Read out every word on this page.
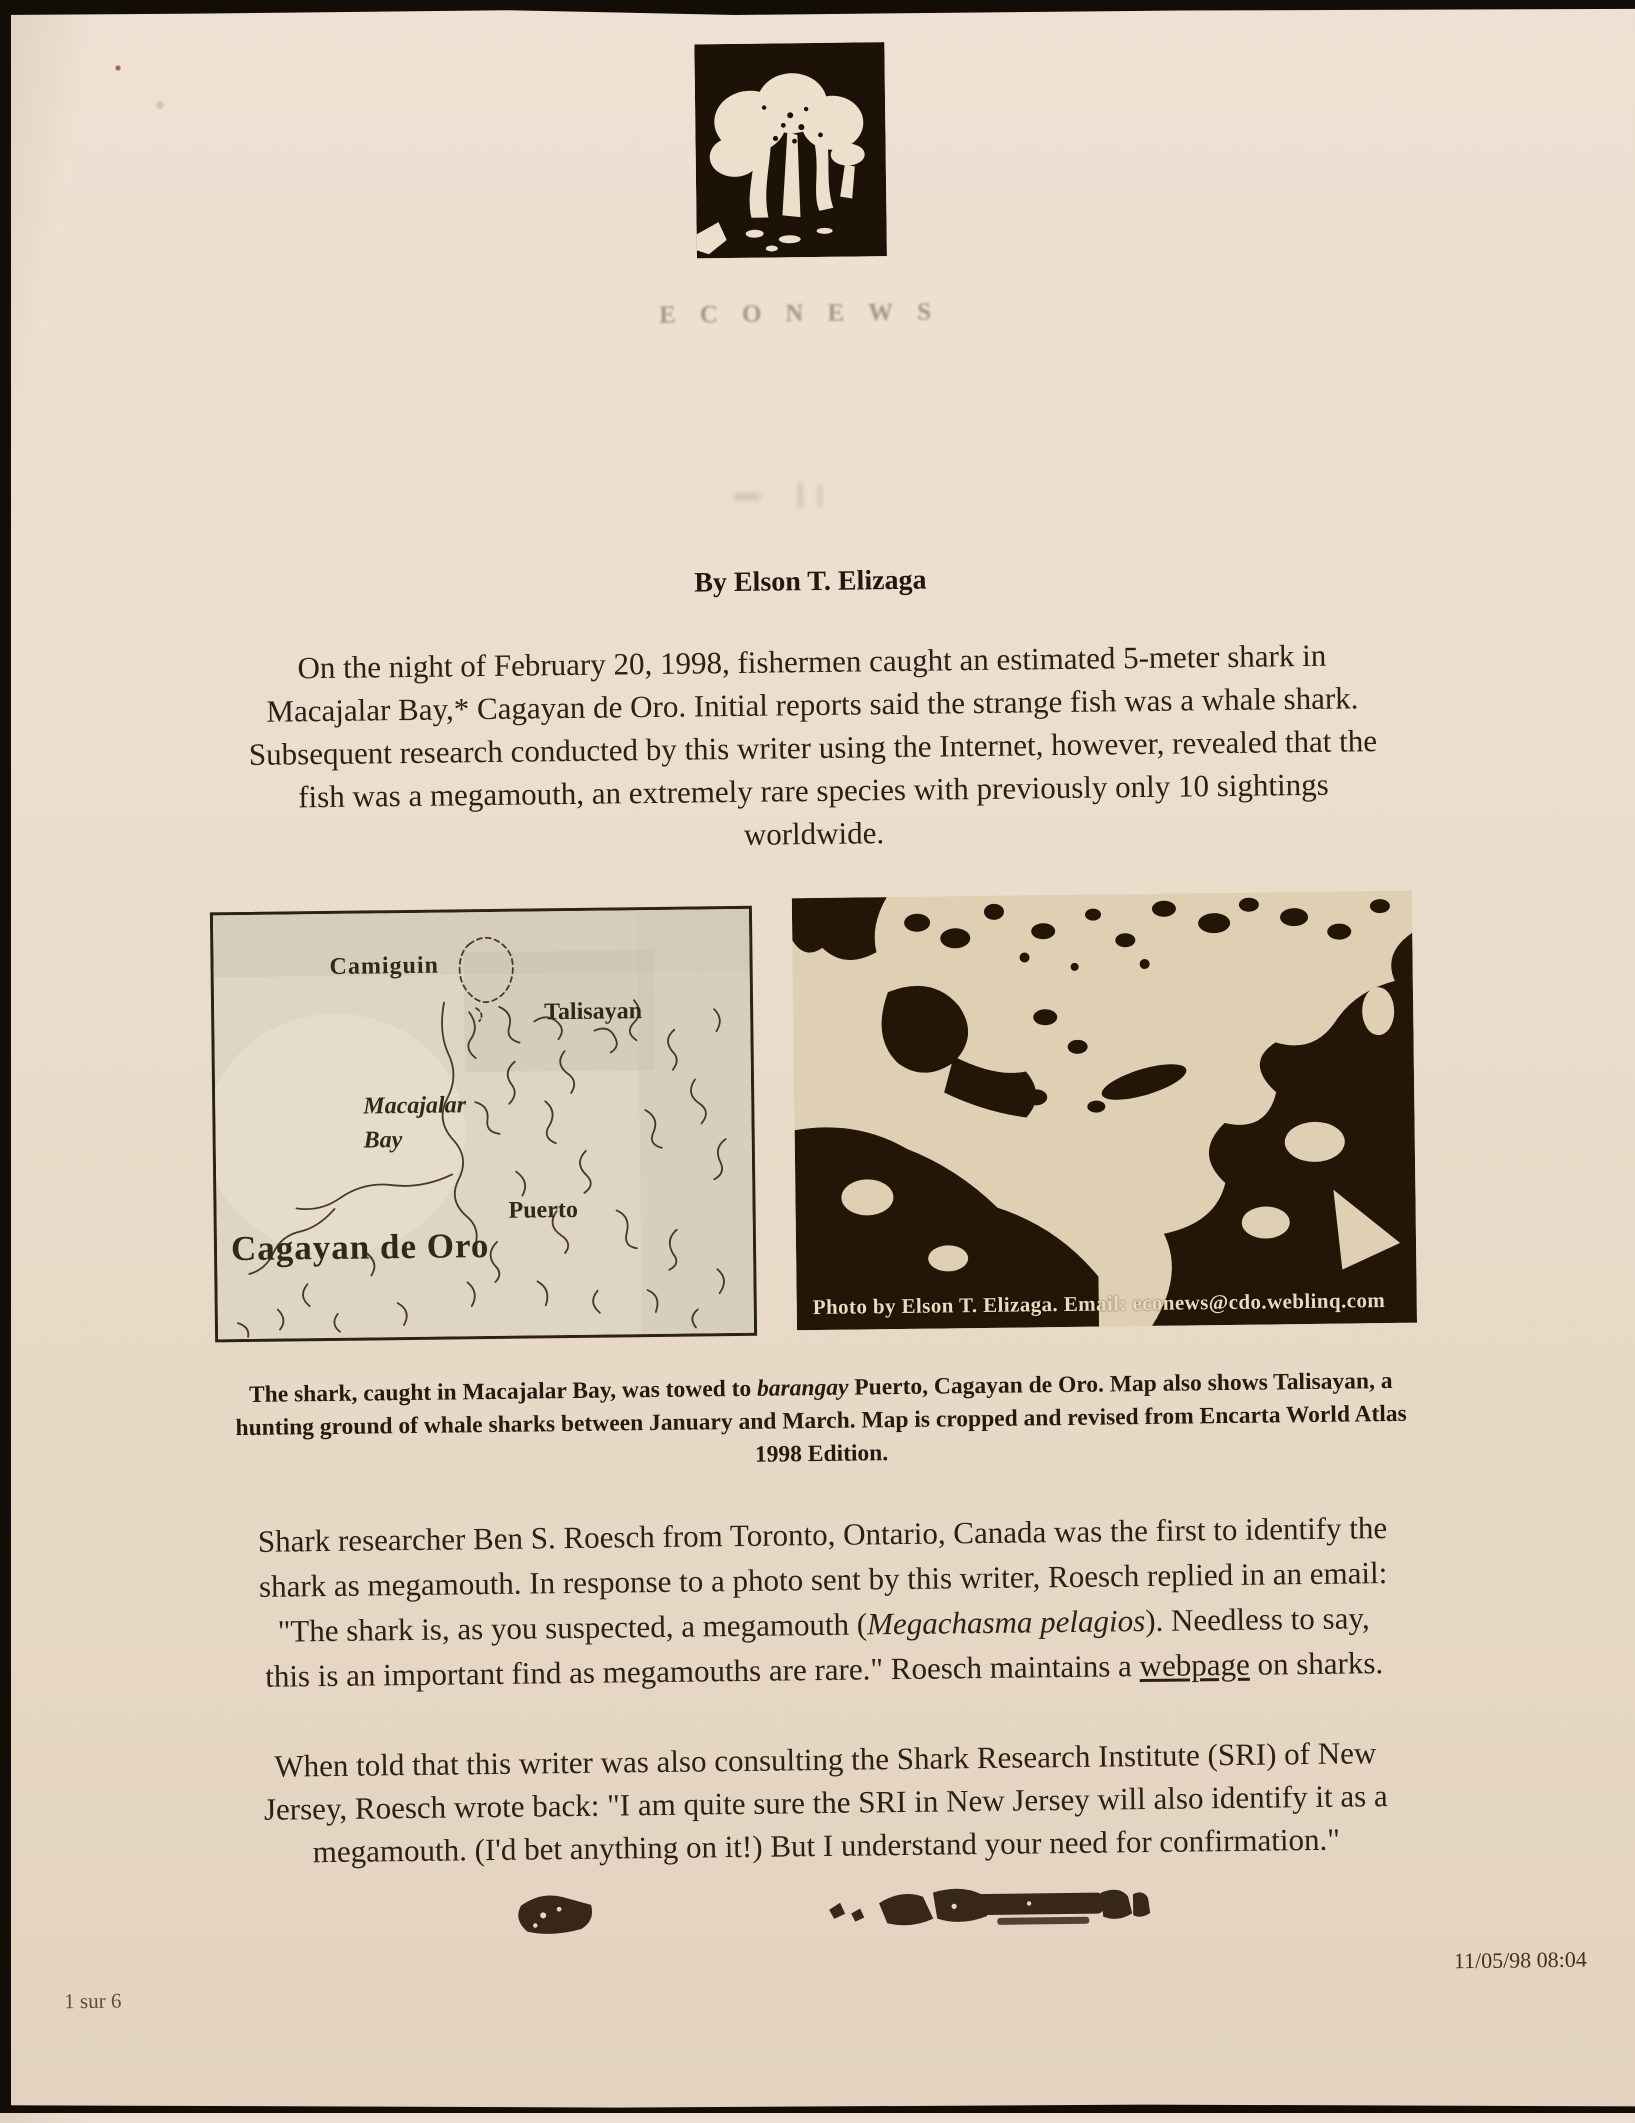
ECONEWS
By Elson T. Elizaga
On the night of February 20, 1998, fishermen caught an estimated 5-meter shark in
Macajalar Bay,* Cagayan de Oro. Initial reports said the strange fish was a whale shark.
Subsequent research conducted by this writer using the Internet, however, revealed that the
fish was a megamouth, an extremely rare species with previously only 10 sightings
worldwide.
Camiguin
Talisayan
Macajalar
Bay
Puerto
Cagayan de Oro
Photo by Elson T. Elizaga. Email: econews@cdo.weblinq.com
The shark, caught in Macajalar Bay, was towed to barangay Puerto, Cagayan de Oro. Map also shows Talisayan, a
hunting ground of whale sharks between January and March. Map is cropped and revised from Encarta World Atlas
1998 Edition.
Shark researcher Ben S. Roesch from Toronto, Ontario, Canada was the first to identify the
shark as megamouth. In response to a photo sent by this writer, Roesch replied in an email:
"The shark is, as you suspected, a megamouth (Megachasma pelagios). Needless to say,
this is an important find as megamouths are rare." Roesch maintains a webpage on sharks.
When told that this writer was also consulting the Shark Research Institute (SRI) of New
Jersey, Roesch wrote back: "I am quite sure the SRI in New Jersey will also identify it as a
megamouth. (I'd bet anything on it!) But I understand your need for confirmation."
1 sur 6
11/05/98 08:04
